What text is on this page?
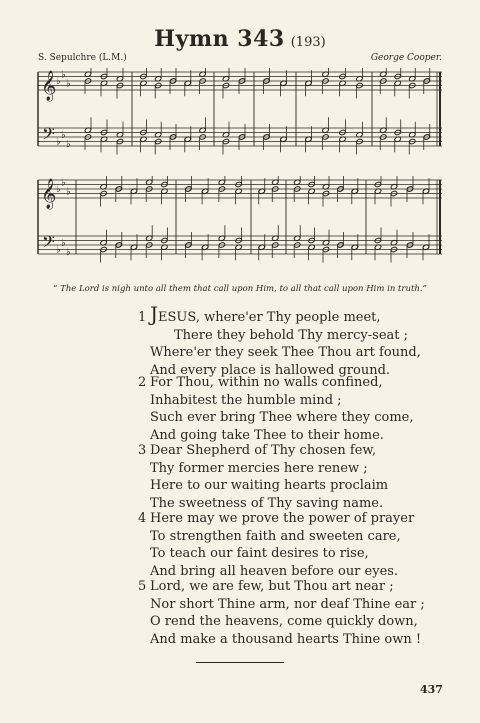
Hymn 343 (193)
S. Sepulchre (L.M.)	George Cooper.
𝄞
𝄢
♭
♭
♭
♭
♭
♭
𝄞
𝄢
♭
♭
♭
♭
♭
♭
“ The Lord is nigh unto all them that call upon Him, to all that call upon Him in truth.”
1 JESUS, where'er Thy people meet,
There they behold Thy mercy-seat ;
Where'er they seek Thee Thou art found,
And every place is hallowed ground.
2 For Thou, within no walls confined,
Inhabitest the humble mind ;
Such ever bring Thee where they come,
And going take Thee to their home.
3 Dear Shepherd of Thy chosen few,
Thy former mercies here renew ;
Here to our waiting hearts proclaim
The sweetness of Thy saving name.
4 Here may we prove the power of prayer
To strengthen faith and sweeten care,
To teach our faint desires to rise,
And bring all heaven before our eyes.
5 Lord, we are few, but Thou art near ;
Nor short Thine arm, nor deaf Thine ear ;
O rend the heavens, come quickly down,
And make a thousand hearts Thine own !
437
